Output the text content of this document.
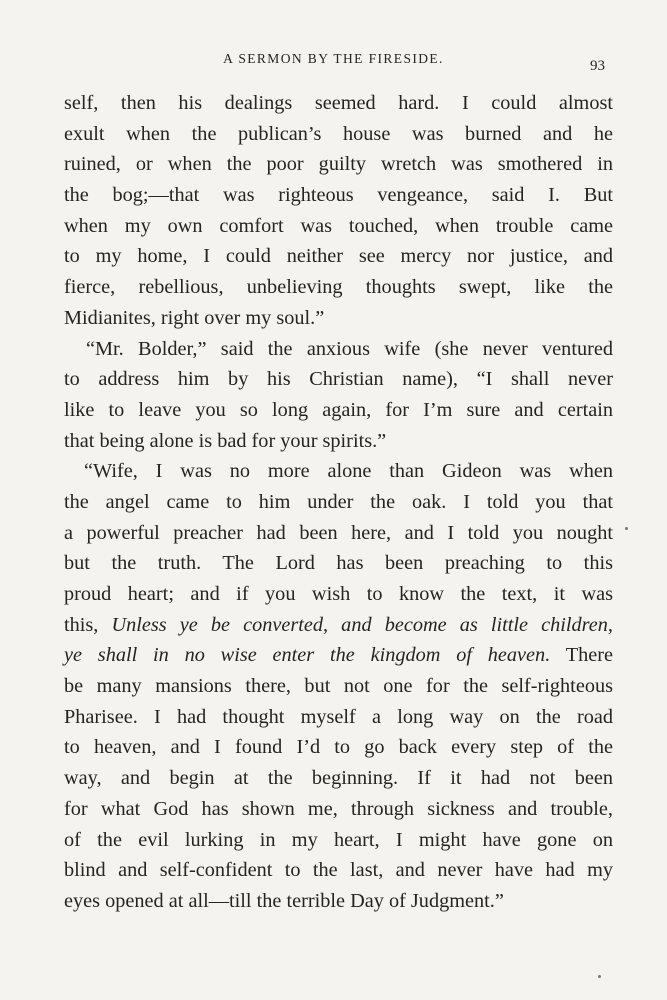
A SERMON BY THE FIRESIDE.	93
self, then his dealings seemed hard. I could almost
exult when the publican’s house was burned and he
ruined, or when the poor guilty wretch was smothered in
the bog;—that was righteous vengeance, said I. But
when my own comfort was touched, when trouble came
to my home, I could neither see mercy nor justice, and
fierce, rebellious, unbelieving thoughts swept, like the
Midianites, right over my soul.”
“Mr. Bolder,” said the anxious wife (she never ventured
to address him by his Christian name), “I shall never
like to leave you so long again, for I’m sure and certain
that being alone is bad for your spirits.”
“Wife, I was no more alone than Gideon was when
the angel came to him under the oak. I told you that
a powerful preacher had been here, and I told you nought
but the truth. The Lord has been preaching to this
proud heart; and if you wish to know the text, it was
this, Unless ye be converted, and become as little children,
ye shall in no wise enter the kingdom of heaven. There
be many mansions there, but not one for the self-righteous
Pharisee. I had thought myself a long way on the road
to heaven, and I found I’d to go back every step of the
way, and begin at the beginning. If it had not been
for what God has shown me, through sickness and trouble,
of the evil lurking in my heart, I might have gone on
blind and self-confident to the last, and never have had my
eyes opened at all—till the terrible Day of Judgment.”
